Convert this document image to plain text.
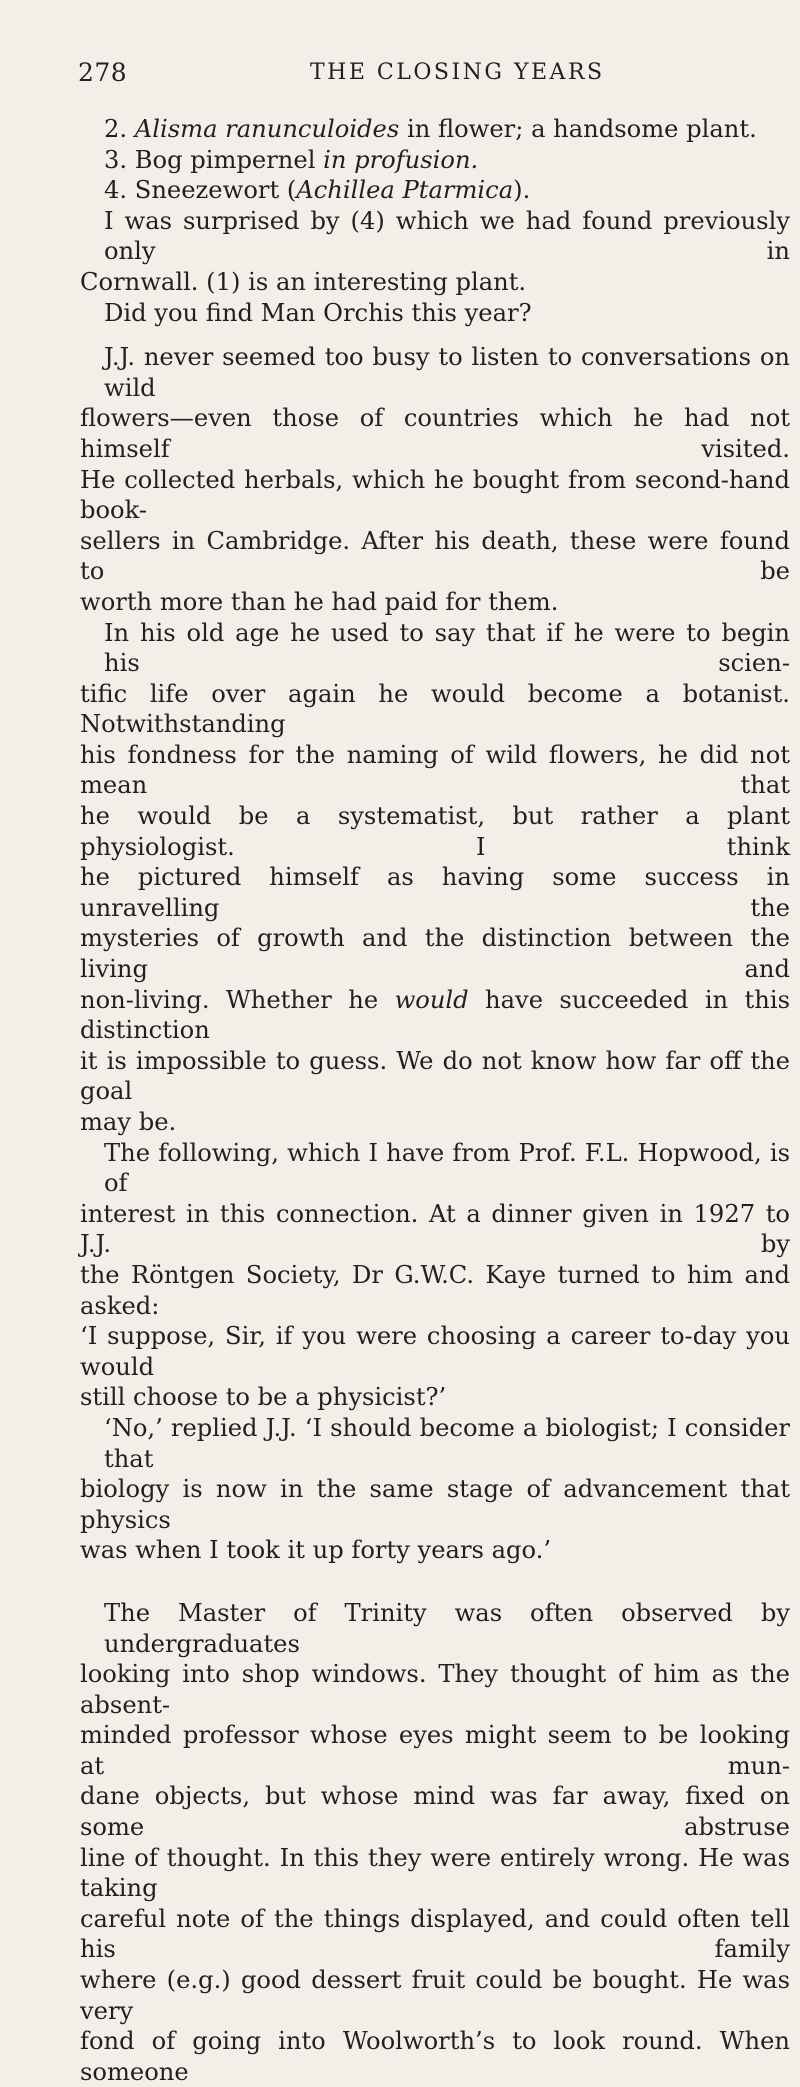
278	THE CLOSING YEARS
2. Alisma ranunculoides in flower; a handsome plant.
3. Bog pimpernel in profusion.
4. Sneezewort (Achillea Ptarmica).
I was surprised by (4) which we had found previously only in
Cornwall. (1) is an interesting plant.
Did you find Man Orchis this year?
J.J. never seemed too busy to listen to conversations on wild
flowers—even those of countries which he had not himself visited.
He collected herbals, which he bought from second-hand book-
sellers in Cambridge. After his death, these were found to be
worth more than he had paid for them.
In his old age he used to say that if he were to begin his scien-
tific life over again he would become a botanist. Notwithstanding
his fondness for the naming of wild flowers, he did not mean that
he would be a systematist, but rather a plant physiologist. I think
he pictured himself as having some success in unravelling the
mysteries of growth and the distinction between the living and
non-living. Whether he would have succeeded in this distinction
it is impossible to guess. We do not know how far off the goal
may be.
The following, which I have from Prof. F.L. Hopwood, is of
interest in this connection. At a dinner given in 1927 to J.J. by
the Röntgen Society, Dr G.W.C. Kaye turned to him and asked:
‘I suppose, Sir, if you were choosing a career to-day you would
still choose to be a physicist?’
‘No,’ replied J.J. ‘I should become a biologist; I consider that
biology is now in the same stage of advancement that physics
was when I took it up forty years ago.’
The Master of Trinity was often observed by undergraduates
looking into shop windows. They thought of him as the absent-
minded professor whose eyes might seem to be looking at mun-
dane objects, but whose mind was far away, fixed on some abstruse
line of thought. In this they were entirely wrong. He was taking
careful note of the things displayed, and could often tell his family
where (e.g.) good dessert fruit could be bought. He was very
fond of going into Woolworth’s to look round. When someone
